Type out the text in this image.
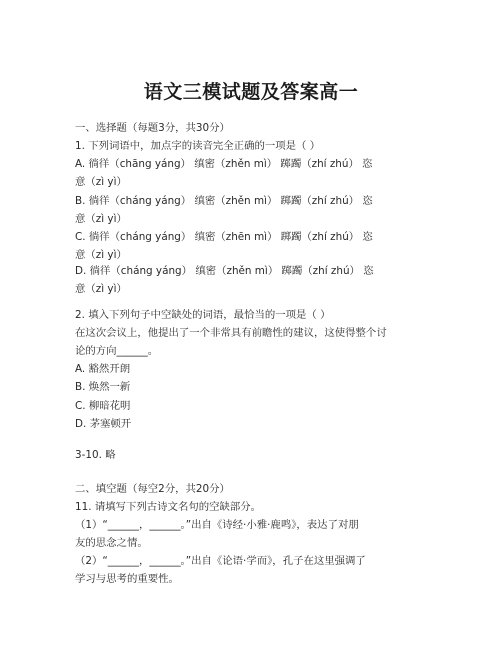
语文三模试题及答案高一
一、选择题（每题3分，共30分）
1. 下列词语中，加点字的读音完全正确的一项是（ ）
A. 徜徉（chāng yáng） 缜密（zhěn mì） 踯躅（zhí zhú） 恣
意（zì yì）
B. 徜徉（cháng yáng） 缜密（zhěn mì） 踯躅（zhí zhú） 恣
意（zì yì）
C. 徜徉（cháng yáng） 缜密（zhēn mì） 踯躅（zhí zhú） 恣
意（zì yì）
D. 徜徉（cháng yáng） 缜密（zhěn mì） 踯躅（zhí zhú） 恣
意（zì yì）
2. 填入下列句子中空缺处的词语，最恰当的一项是（ ）
在这次会议上，他提出了一个非常具有前瞻性的建议，这使得整个讨
论的方向______。
A. 豁然开朗
B. 焕然一新
C. 柳暗花明
D. 茅塞顿开
3-10. 略
二、填空题（每空2分，共20分）
11. 请填写下列古诗文名句的空缺部分。
（1）“______，______。”出自《诗经·小雅·鹿鸣》，表达了对朋
友的思念之情。
（2）“______，______。”出自《论语·学而》，孔子在这里强调了
学习与思考的重要性。
